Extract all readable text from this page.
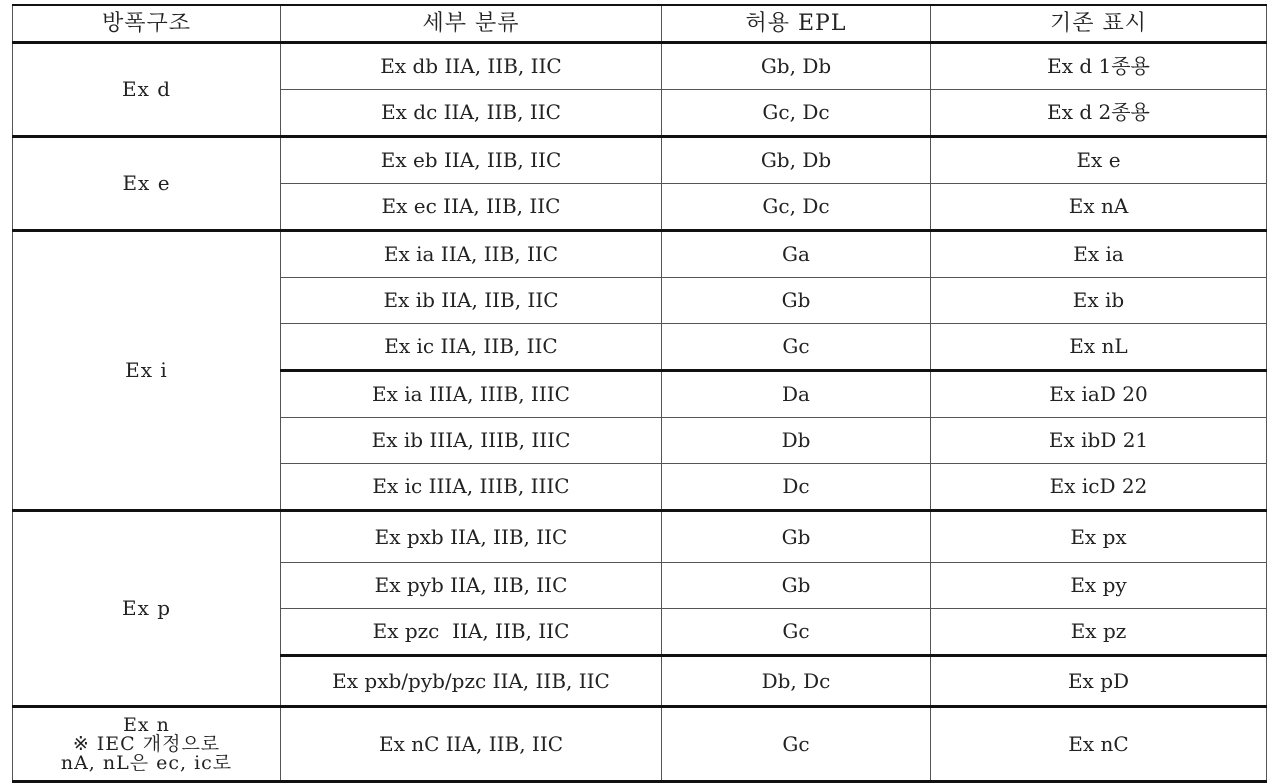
방폭구조	세부 분류	허용 EPL	기존 표시
Ex d	Ex db IIA, IIB, IIC	Gb, Db	Ex d 1종용
	Ex dc IIA, IIB, IIC	Gc, Dc	Ex d 2종용
Ex e	Ex eb IIA, IIB, IIC	Gb, Db	Ex e
	Ex ec IIA, IIB, IIC	Gc, Dc	Ex nA
Ex i	Ex ia IIA, IIB, IIC	Ga	Ex ia
	Ex ib IIA, IIB, IIC	Gb	Ex ib
	Ex ic IIA, IIB, IIC	Gc	Ex nL
	Ex ia IIIA, IIIB, IIIC	Da	Ex iaD 20
	Ex ib IIIA, IIIB, IIIC	Db	Ex ibD 21
	Ex ic IIIA, IIIB, IIIC	Dc	Ex icD 22
Ex p	Ex pxb IIA, IIB, IIC	Gb	Ex px
	Ex pyb IIA, IIB, IIC	Gb	Ex py
	Ex pzc  IIA, IIB, IIC	Gc	Ex pz
	Ex pxb/pyb/pzc IIA, IIB, IIC	Db, Dc	Ex pD

Ex n
※ IEC 개정으로
nA, nL은 ec, ic로	Ex nC IIA, IIB, IIC	Gc	Ex nC
